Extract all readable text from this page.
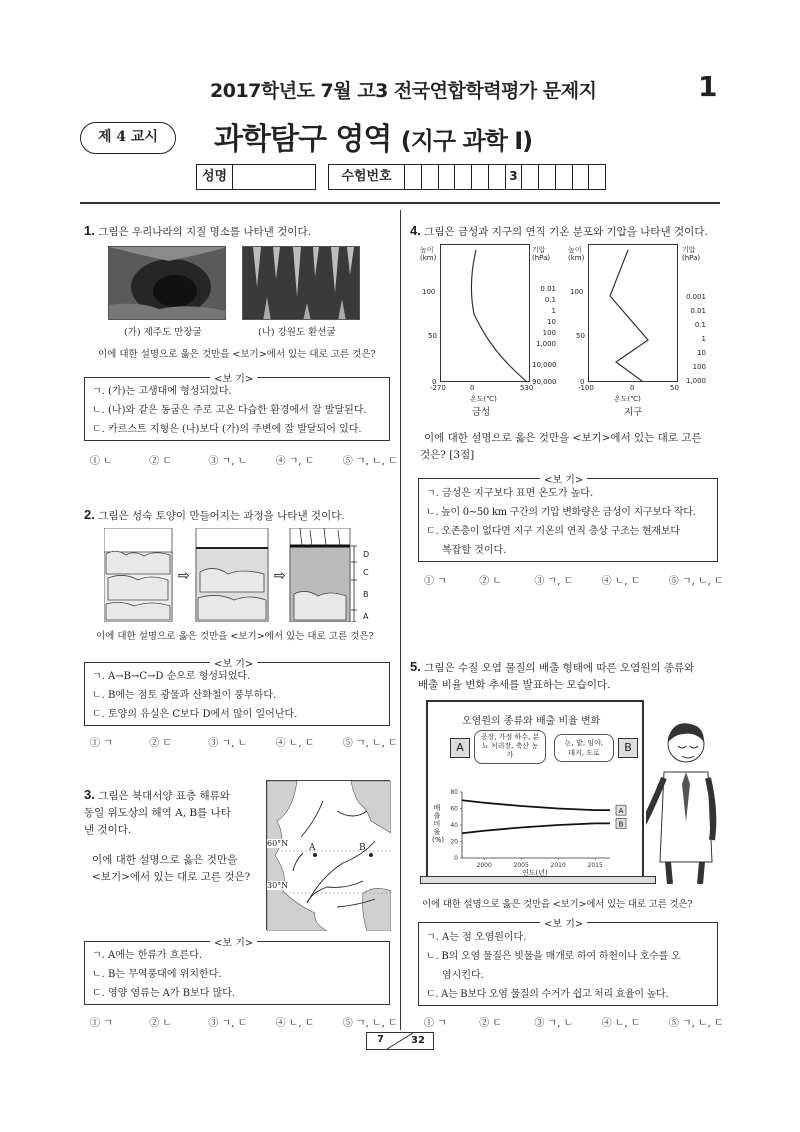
2017학년도 7월 고3 전국연합학력평가 문제지	1
제 4 교시	과학탐구 영역 (지구 과학 Ⅰ)
성명	수험번호	3
1. 그림은 우리나라의 지질 명소를 나타낸 것이다.
(가) 제주도 만장굴	(나) 강원도 환선굴
이에 대한 설명으로 옳은 것만을 <보기>에서 있는 대로 고른 것은?
<보 기>
ㄱ. (가)는 고생대에 형성되었다.
ㄴ. (나)와 같은 동굴은 주로 고온 다습한 환경에서 잘 발달된다.
ㄷ. 카르스트 지형은 (나)보다 (가)의 주변에 잘 발달되어 있다.
① ㄴ	② ㄷ	③ ㄱ, ㄴ	④ ㄱ, ㄷ	⑤ ㄱ, ㄴ, ㄷ
2. 그림은 성숙 토양이 만들어지는 과정을 나타낸 것이다.
⇨	⇨
D
C
B
A
이에 대한 설명으로 옳은 것만을 <보기>에서 있는 대로 고른 것은?
<보 기>
ㄱ. A→B→C→D 순으로 형성되었다.
ㄴ. B에는 점토 광물과 산화철이 풍부하다.
ㄷ. 토양의 유실은 C보다 D에서 많이 일어난다.
① ㄱ	② ㄷ	③ ㄱ, ㄴ	④ ㄴ, ㄷ	⑤ ㄱ, ㄴ, ㄷ
3. 그림은 북대서양 표층 해류와
동일 위도상의 해역 A, B를 나타
낸 것이다.
이에 대한 설명으로 옳은 것만을
<보기>에서 있는 대로 고른 것은?
60°N
30°N
A	B
<보 기>
ㄱ. A에는 한류가 흐른다.
ㄴ. B는 무역풍대에 위치한다.
ㄷ. 영양 염류는 A가 B보다 많다.
① ㄱ	② ㄴ	③ ㄱ, ㄷ	④ ㄴ, ㄷ	⑤ ㄱ, ㄴ, ㄷ
4. 그림은 금성과 지구의 연직 기온 분포와 기압을 나타낸 것이다.
높이(km)
기압(hPa)
100
50
0
0.01
0.1
1
10
100
1,000
10,000
90,000
-270	0	530
온도(℃)
금성
높이(km)
기압(hPa)
100
50
0
0.001
0.01
0.1
1
10
100
1,000
-100	0	50
온도(℃)
지구
이에 대한 설명으로 옳은 것만을 <보기>에서 있는 대로 고른
것은? [3점]
<보 기>
ㄱ. 금성은 지구보다 표면 온도가 높다.
ㄴ. 높이 0~50 km 구간의 기압 변화량은 금성이 지구보다 작다.
ㄷ. 오존층이 없다면 지구 기온의 연직 층상 구조는 현재보다
복잡할 것이다.
① ㄱ	② ㄴ	③ ㄱ, ㄷ	④ ㄴ, ㄷ	⑤ ㄱ, ㄴ, ㄷ
5. 그림은 수질 오염 물질의 배출 형태에 따른 오염원의 종류와
배출 비율 변화 추세를 발표하는 모습이다.
오염원의 종류와 배출 비율 변화
A
공장, 가정 하수, 분뇨 처리장, 축산 농가
논, 밭, 임야, 대지, 도로	B
배출 비율(%)
80
60
40
20
0
2000	2005	2010	2015
A
B
연도(년)
이에 대한 설명으로 옳은 것만을 <보기>에서 있는 대로 고른 것은?
<보 기>
ㄱ. A는 점 오염원이다.
ㄴ. B의 오염 물질은 빗물을 매개로 하여 하천이나 호수를 오
염시킨다.
ㄷ. A는 B보다 오염 물질의 수거가 쉽고 처리 효율이 높다.
① ㄱ	② ㄷ	③ ㄱ, ㄴ	④ ㄴ, ㄷ	⑤ ㄱ, ㄴ, ㄷ
7	32
